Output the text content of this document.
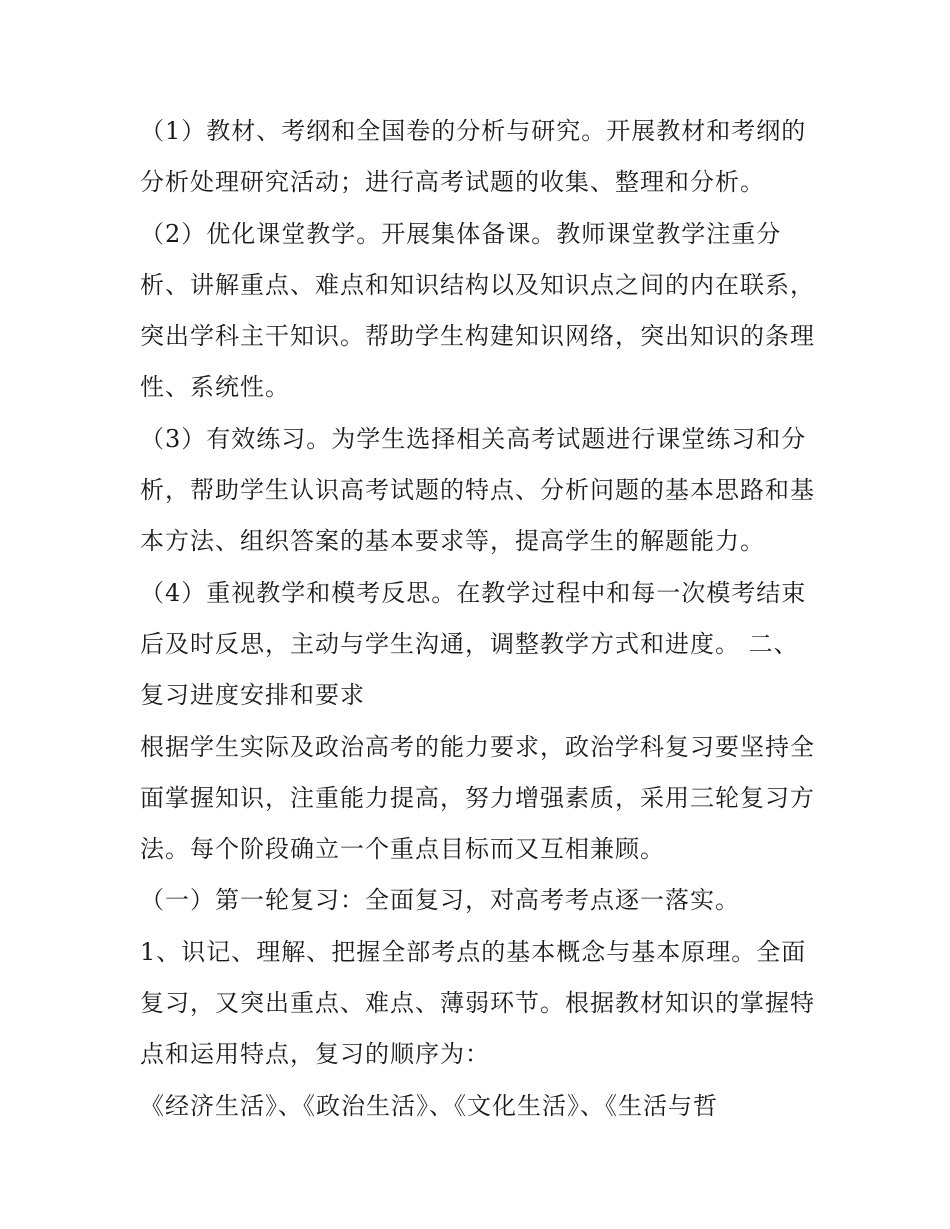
（1）教材、考纲和全国卷的分析与研究。开展教材和考纲的
分析处理研究活动；进行高考试题的收集、整理和分析。
（2）优化课堂教学。开展集体备课。教师课堂教学注重分
析、讲解重点、难点和知识结构以及知识点之间的内在联系，
突出学科主干知识。帮助学生构建知识网络，突出知识的条理
性、系统性。
（3）有效练习。为学生选择相关高考试题进行课堂练习和分
析，帮助学生认识高考试题的特点、分析问题的基本思路和基
本方法、组织答案的基本要求等，提高学生的解题能力。
（4）重视教学和模考反思。在教学过程中和每一次模考结束
后及时反思，主动与学生沟通，调整教学方式和进度。 二、
复习进度安排和要求
根据学生实际及政治高考的能力要求，政治学科复习要坚持全
面掌握知识，注重能力提高，努力增强素质，采用三轮复习方
法。每个阶段确立一个重点目标而又互相兼顾。
（一）第一轮复习：全面复习，对高考考点逐一落实。
1、识记、理解、把握全部考点的基本概念与基本原理。全面
复习，又突出重点、难点、薄弱环节。根据教材知识的掌握特
点和运用特点，复习的顺序为：
《经济生活》、《政治生活》、《文化生活》、《生活与哲
